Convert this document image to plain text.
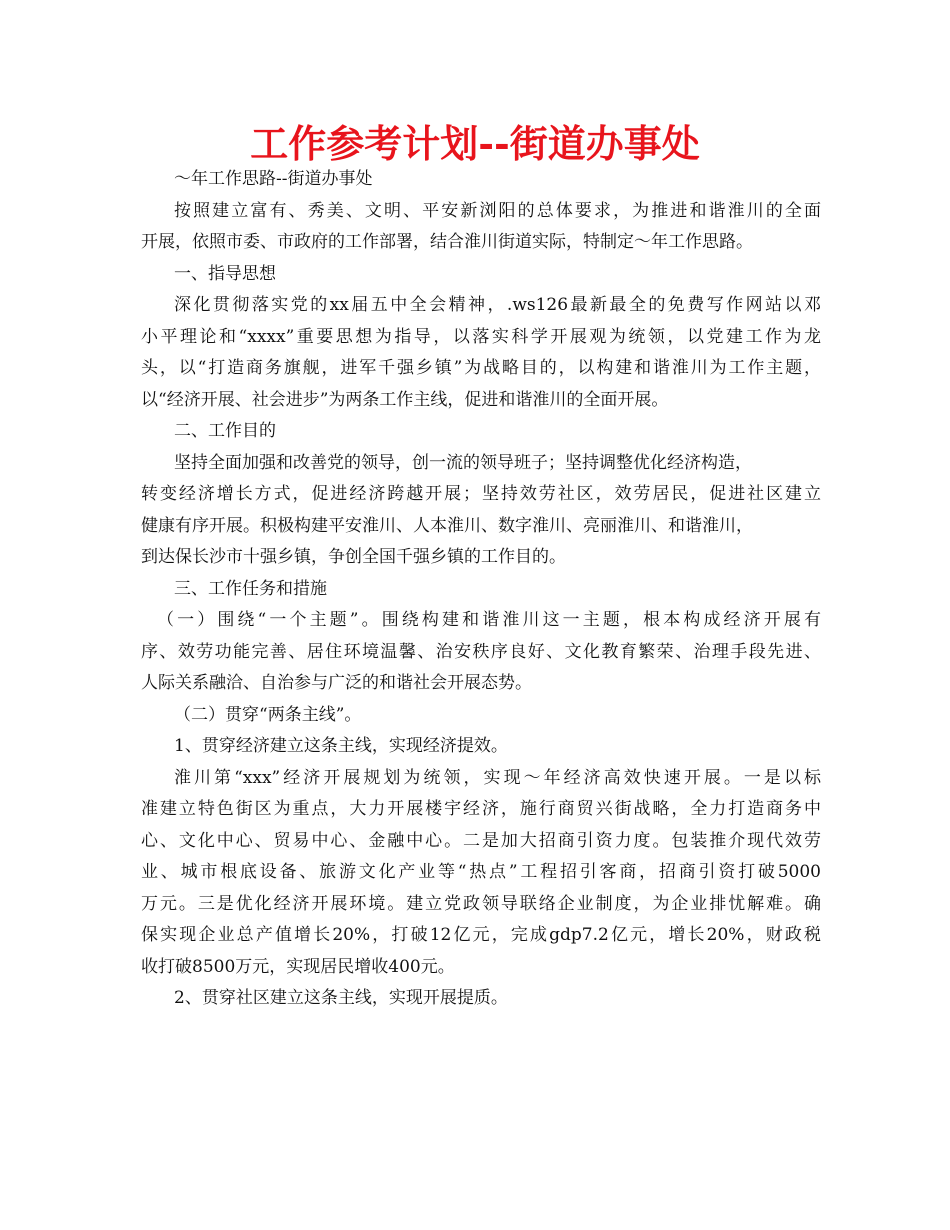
工作参考计划--街道办事处

～年工作思路--街道办事处

按照建立富有、秀美、文明、平安新浏阳的总体要求，为推进和谐淮川的全面

开展，依照市委、市政府的工作部署，结合淮川街道实际，特制定～年工作思路。

一、指导思想

深化贯彻落实党的xx届五中全会精神，.ws126最新最全的免费写作网站以邓

小平理论和“xxxx”重要思想为指导，以落实科学开展观为统领，以党建工作为龙

头，以“打造商务旗舰，进军千强乡镇”为战略目的，以构建和谐淮川为工作主题，

以“经济开展、社会进步”为两条工作主线，促进和谐淮川的全面开展。

二、工作目的

坚持全面加强和改善党的领导，创一流的领导班子；坚持调整优化经济构造，

转变经济增长方式，促进经济跨越开展；坚持效劳社区，效劳居民，促进社区建立

健康有序开展。积极构建平安淮川、人本淮川、数字淮川、亮丽淮川、和谐淮川，

到达保长沙市十强乡镇，争创全国千强乡镇的工作目的。

三、工作任务和措施

（一）围绕“一个主题”。围绕构建和谐淮川这一主题，根本构成经济开展有

序、效劳功能完善、居住环境温馨、治安秩序良好、文化教育繁荣、治理手段先进、

人际关系融洽、自治参与广泛的和谐社会开展态势。

（二）贯穿“两条主线”。

1、贯穿经济建立这条主线，实现经济提效。

淮川第“xxx”经济开展规划为统领，实现～年经济高效快速开展。一是以标

准建立特色街区为重点，大力开展楼宇经济，施行商贸兴街战略，全力打造商务中

心、文化中心、贸易中心、金融中心。二是加大招商引资力度。包装推介现代效劳

业、城市根底设备、旅游文化产业等“热点”工程招引客商，招商引资打破5000

万元。三是优化经济开展环境。建立党政领导联络企业制度，为企业排忧解难。确

保实现企业总产值增长20%，打破12亿元，完成gdp7.2亿元，增长20%，财政税

收打破8500万元，实现居民增收400元。

2、贯穿社区建立这条主线，实现开展提质。
